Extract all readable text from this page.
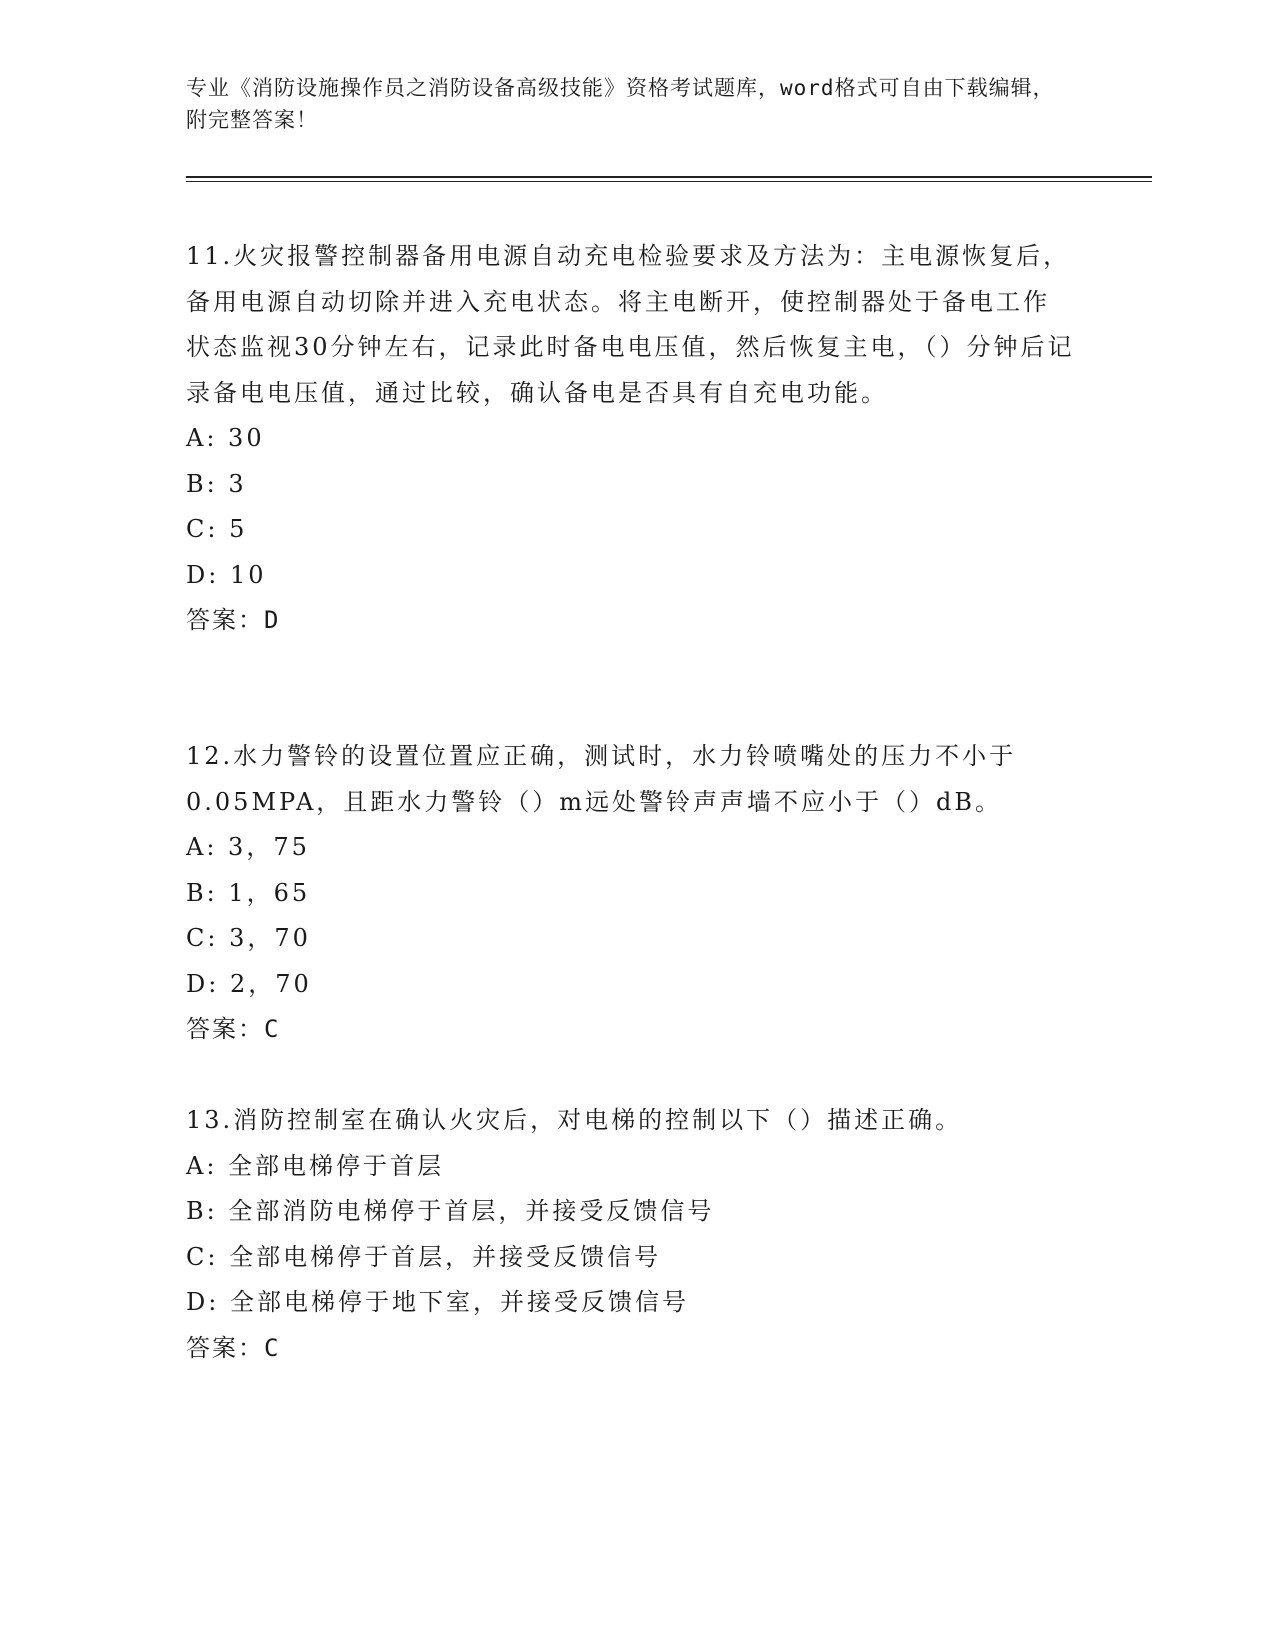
专业《消防设施操作员之消防设备高级技能》资格考试题库，word格式可自由下载编辑，附完整答案！
11.火灾报警控制器备用电源自动充电检验要求及方法为：主电源恢复后，备用电源自动切除并进入充电状态。将主电断开，使控制器处于备电工作状态监视30分钟左右，记录此时备电电压值，然后恢复主电，（）分钟后记录备电电压值，通过比较，确认备电是否具有自充电功能。
A: 30
B: 3
C: 5
D: 10
答案：D
12.水力警铃的设置位置应正确，测试时，水力铃喷嘴处的压力不小于0.05MPA，且距水力警铃（）m远处警铃声声墙不应小于（）dB。
A: 3，75
B: 1，65
C: 3，70
D: 2，70
答案：C
13.消防控制室在确认火灾后，对电梯的控制以下（）描述正确。
A: 全部电梯停于首层
B: 全部消防电梯停于首层，并接受反馈信号
C: 全部电梯停于首层，并接受反馈信号
D: 全部电梯停于地下室，并接受反馈信号
答案：C
